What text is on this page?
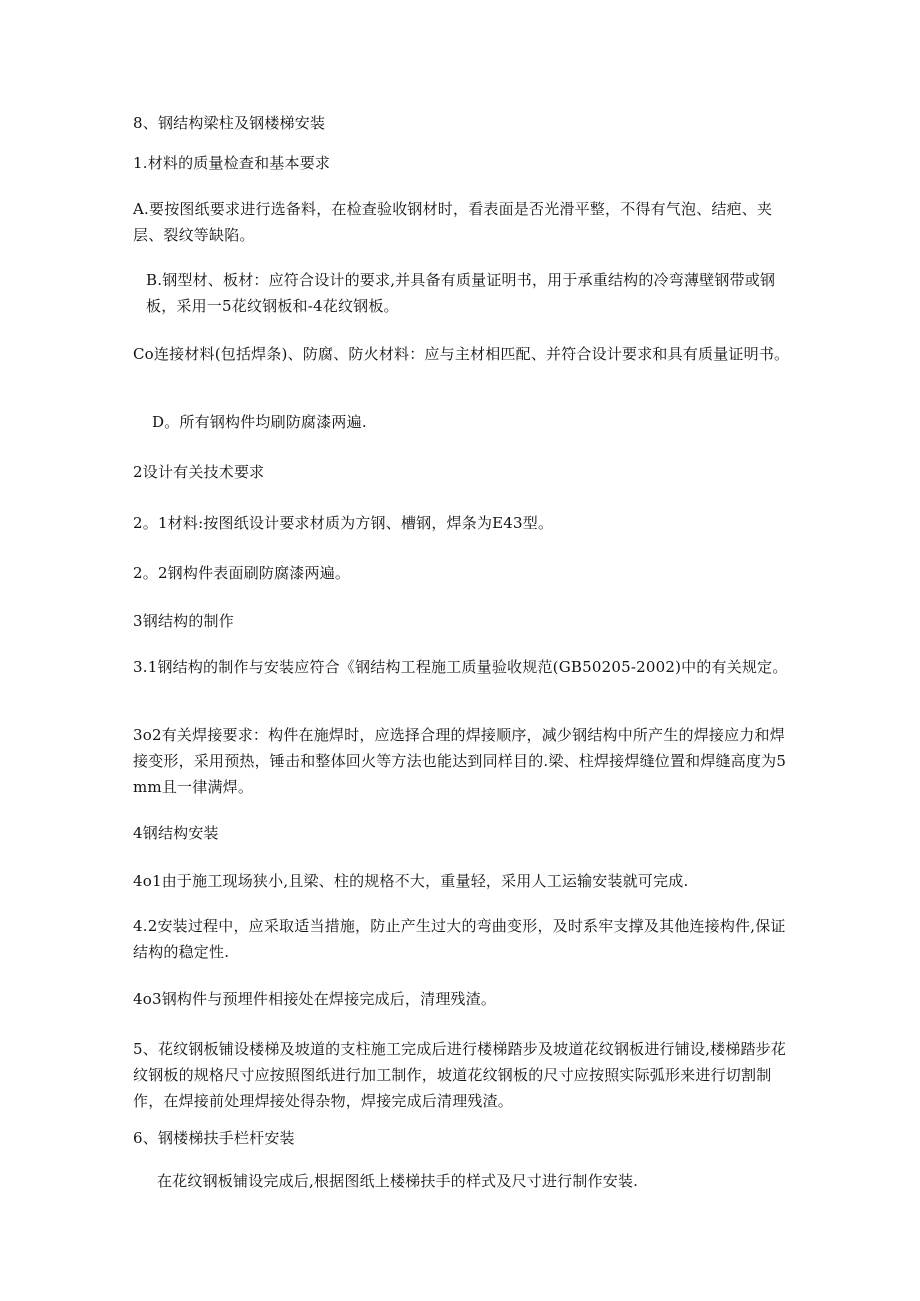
8、钢结构梁柱及钢楼梯安装

1.材料的质量检查和基本要求

A.要按图纸要求进行选备料，在检查验收钢材时，看表面是否光滑平整，不得有气泡、结疤、夹层、裂纹等缺陷。

B.钢型材、板材：应符合设计的要求,并具备有质量证明书，用于承重结构的冷弯薄壁钢带或钢板，采用一5花纹钢板和-4花纹钢板。

Co连接材料(包括焊条)、防腐、防火材料：应与主材相匹配、并符合设计要求和具有质量证明书。

D。所有钢构件均刷防腐漆两遍.

2设计有关技术要求

2。1材料:按图纸设计要求材质为方钢、槽钢，焊条为E43型。

2。2钢构件表面刷防腐漆两遍。

3钢结构的制作

3.1钢结构的制作与安装应符合《钢结构工程施工质量验收规范(GB50205-2002)中的有关规定。

3o2有关焊接要求：构件在施焊时，应选择合理的焊接顺序，减少钢结构中所产生的焊接应力和焊接变形，采用预热，锤击和整体回火等方法也能达到同样目的.梁、柱焊接焊缝位置和焊缝高度为5mm且一律满焊。

4钢结构安装

4o1由于施工现场狭小,且梁、柱的规格不大，重量轻，采用人工运输安装就可完成.

4.2安装过程中，应采取适当措施，防止产生过大的弯曲变形，及时系牢支撑及其他连接构件,保证结构的稳定性.

4o3钢构件与预埋件相接处在焊接完成后，清理残渣。

5、花纹钢板铺设楼梯及坡道的支柱施工完成后进行楼梯踏步及坡道花纹钢板进行铺设,楼梯踏步花纹钢板的规格尺寸应按照图纸进行加工制作，坡道花纹钢板的尺寸应按照实际弧形来进行切割制作，在焊接前处理焊接处得杂物，焊接完成后清理残渣。

6、钢楼梯扶手栏杆安装

在花纹钢板铺设完成后,根据图纸上楼梯扶手的样式及尺寸进行制作安装.
